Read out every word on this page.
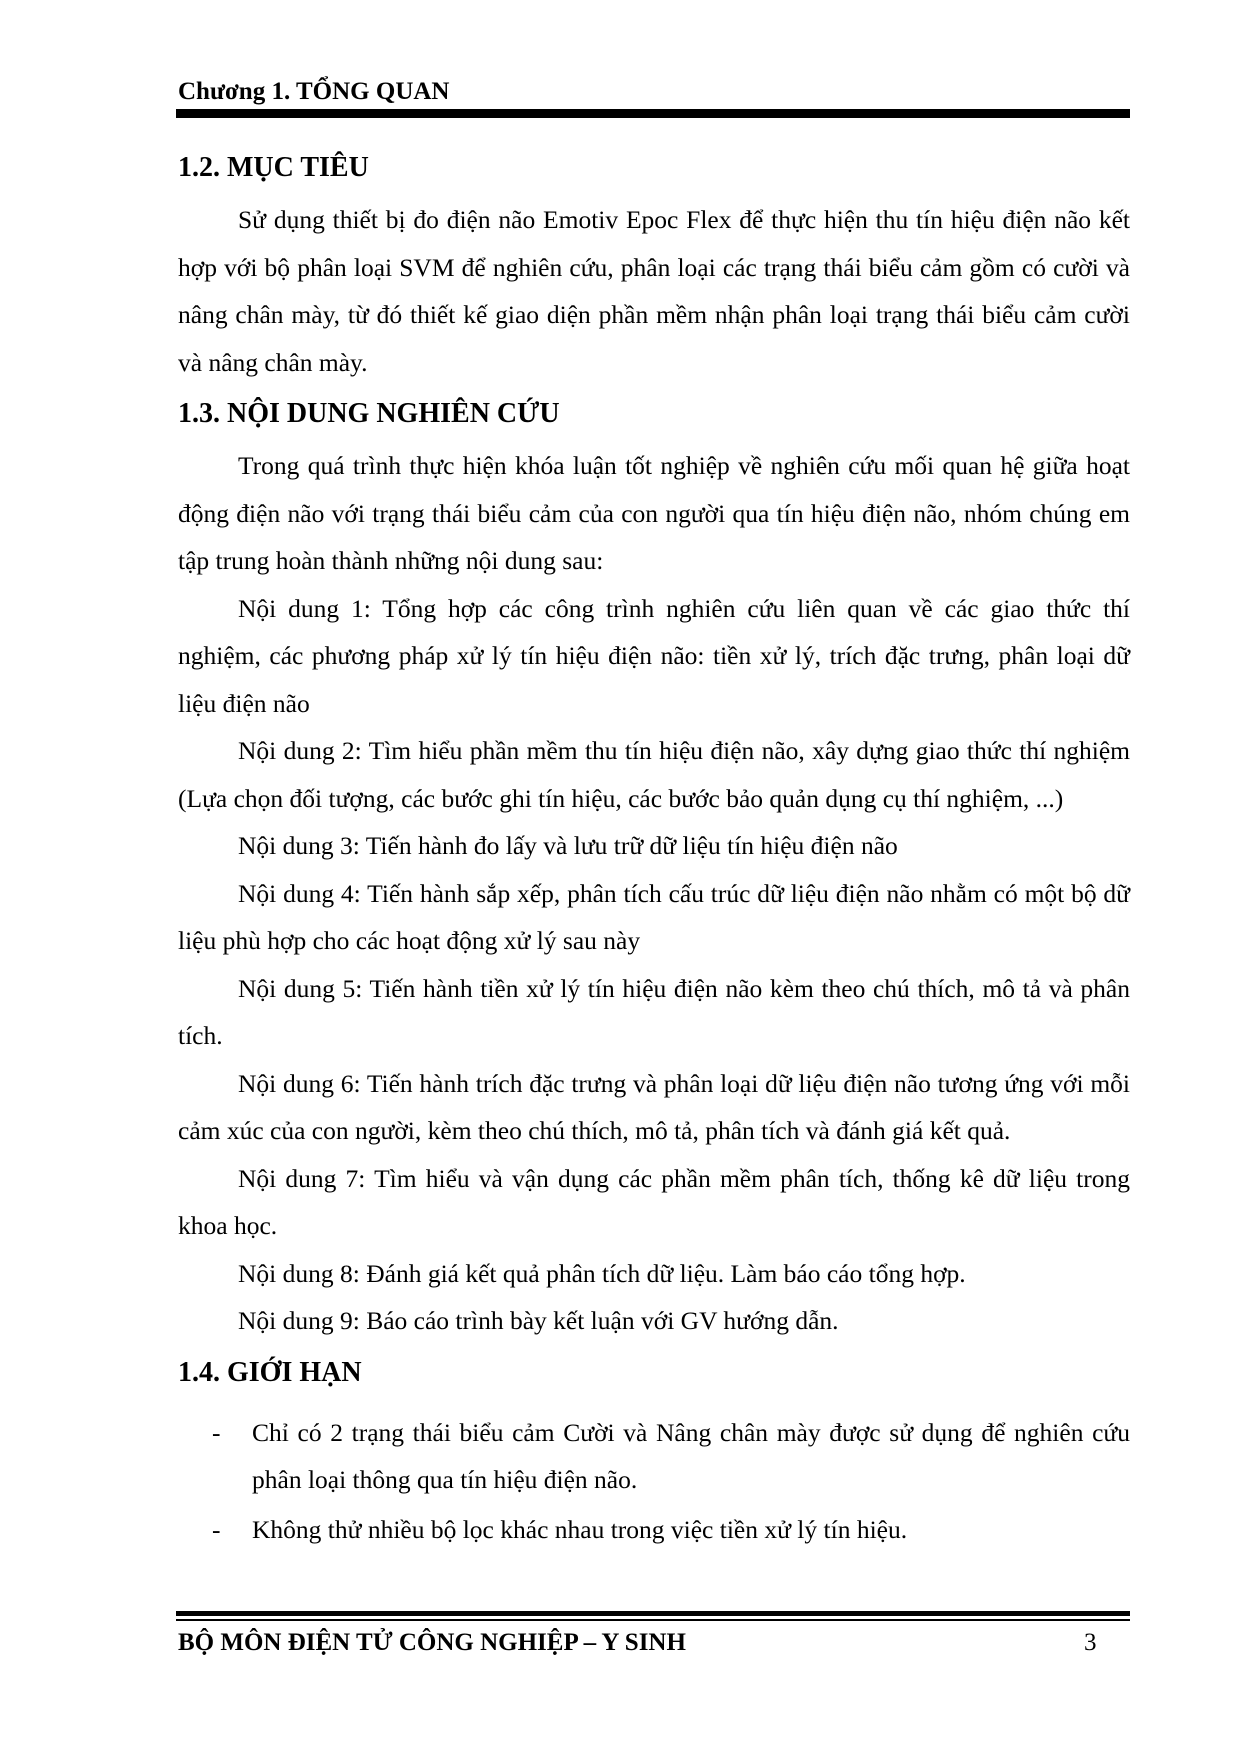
Chương 1. TỔNG QUAN
1.2. MỤC TIÊU

Sử dụng thiết bị đo điện não Emotiv Epoc Flex để thực hiện thu tín hiệu điện não kết hợp với bộ phân loại SVM để nghiên cứu, phân loại các trạng thái biểu cảm gồm có cười và nâng chân mày, từ đó thiết kế giao diện phần mềm nhận phân loại trạng thái biểu cảm cười và nâng chân mày.

1.3. NỘI DUNG NGHIÊN CỨU

Trong quá trình thực hiện khóa luận tốt nghiệp về nghiên cứu mối quan hệ giữa hoạt động điện não với trạng thái biểu cảm của con người qua tín hiệu điện não, nhóm chúng em tập trung hoàn thành những nội dung sau:

Nội dung 1: Tổng hợp các công trình nghiên cứu liên quan về các giao thức thí nghiệm, các phương pháp xử lý tín hiệu điện não: tiền xử lý, trích đặc trưng, phân loại dữ liệu điện não

Nội dung 2: Tìm hiểu phần mềm thu tín hiệu điện não, xây dựng giao thức thí nghiệm (Lựa chọn đối tượng, các bước ghi tín hiệu, các bước bảo quản dụng cụ thí nghiệm, ...)

Nội dung 3: Tiến hành đo lấy và lưu trữ dữ liệu tín hiệu điện não

Nội dung 4: Tiến hành sắp xếp, phân tích cấu trúc dữ liệu điện não nhằm có một bộ dữ liệu phù hợp cho các hoạt động xử lý sau này

Nội dung 5: Tiến hành tiền xử lý tín hiệu điện não kèm theo chú thích, mô tả và phân tích.

Nội dung 6: Tiến hành trích đặc trưng và phân loại dữ liệu điện não tương ứng với mỗi cảm xúc của con người, kèm theo chú thích, mô tả, phân tích và đánh giá kết quả.

Nội dung 7: Tìm hiểu và vận dụng các phần mềm phân tích, thống kê dữ liệu trong khoa học.

Nội dung 8: Đánh giá kết quả phân tích dữ liệu. Làm báo cáo tổng hợp.

Nội dung 9: Báo cáo trình bày kết luận với GV hướng dẫn.

1.4. GIỚI HẠN
- Chỉ có 2 trạng thái biểu cảm Cười và Nâng chân mày được sử dụng để nghiên cứu phân loại thông qua tín hiệu điện não.
- Không thử nhiều bộ lọc khác nhau trong việc tiền xử lý tín hiệu.
BỘ MÔN ĐIỆN TỬ CÔNG NGHIỆP – Y SINH	3
